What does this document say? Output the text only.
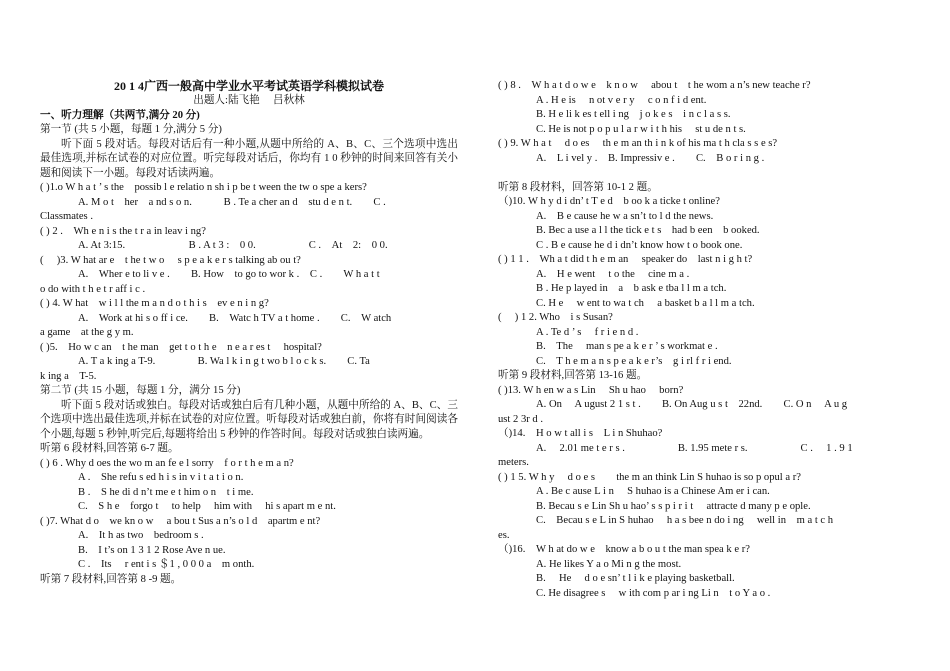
20 1 4广西一般高中学业水平考试英语学科模拟试卷
出题人:陆飞艳　 吕秋林
一、听力理解（共两节,满分 20 分)
第一节 (共 5 小题，每题 1 分,满分 5 分)
听下面 5 段对话。每段对话后有一种小题,从题中所给的 A、B、C、三个选项中选出最佳选项,并标在试卷的对应位置。听完每段对话后，你均有 1 0 秒钟的时间来回答有关小题和阅读下一小题。每段对话读两遍。
( )1.o W h a t ’ s the　possib l e relatio n sh i p be t ween the tw o spe a kers?
A. M o t　her　a nd s o n.　　　B . Te a cher an d　stu d e n t.　　C .
Classmates .
( ) 2 .　Wh e n i s the t r a in leav i ng?
A. At 3:15.　　　　　　B . A t 3 :　0 0.　　　　　C .　At　2:　0 0.
(　 )3. W hat ar e　t he t w o　 s p e a k e r s talking ab ou t?
A.　Wher e to li v e .　　B. How　to go to wor k .　C .　　W h a t t
o do with t h e t r aff i c .
( ) 4. W hat　w i l l the m a n d o t h i s　ev e n i n g?
A.　Work at hi s o ff i ce.　　B.　Watc h TV a t home .　　C.　W atch
a game　at the g y m.
( )5.　Ho w c an　t he man　get t o t h e　n e a r es t　 hospital?
A. T a k ing a T-9.　　　　B. Wa l k i n g t wo b l o c k s.　　C. Ta
k ing a　T-5.
第二节 (共 15 小题，每题 1 分，满分 15 分)
听下面 5 段对话或独白。每段对话或独白后有几种小题，从题中所给的 A、B、C、三个选项中选出最佳选项,并标在试卷的对应位置。听每段对话或独白前，你将有时间阅读各个小题,每题 5 秒钟,听完后,每题将给出 5 秒钟的作答时间。每段对话或独白读两遍。
听第 6 段材料,回答第 6-7 题。
( ) 6 . Why d oes the wo m an fe e l sorry　f o r t h e m a n?
A .　She refu s ed h i s in v i t a t i o n.
B .　S he di d n’t me e t him o n　t i me.
C.　S h e　forgo t　 to help　 him with　 hi s apart m e nt.
( )7. What d o　we kn o w　 a bou t Sus a n’s o l d　apartm e nt?
A.　It h as two　bedroom s .
B.　I t’s on 1 3 1 2 Rose Ave n ue.
C .　Its　 r ent i s ＄1 , 0 0 0 a　m onth.
听第 7 段材料,回答第 8 -9 题。
( ) 8 .　W h a t d o w e　k n o w　 abou t　t he wom a n’s new teache r?
A . H e is　 n ot v e r y　 c o n f i d ent.
B. H e li k es t ell i ng　j o k e s　i n c l a s s.
C. He is not p o p u l a r w i t h his　 st u de n t s.
( ) 9. W h a t　 d o es　 th e m an th i n k of his ma t h cla s s e s?
A.　L i vel y .　B. Impressiv e .　　C.　B o r i n g .

听第 8 段材料，回答第 10-1 2 题。
（)10. W h y d i dn’ t T e d　b oo k a ticke t online?
A.　B e cause he w a sn’t to l d the news.
B. Bec a use a l l the tick e t s　had b een　b ooked.
C . B e cause he d i dn’t know how t o book one.
( ) 1 1 .　Wh a t did t h e m an　 speaker do　last n i g h t?
A.　H e went　 t o the　 cine m a .
B . He p layed in　a　b ask e tba l l m a tch.
C. H e　 w ent to wa t ch　 a basket b a l l m a tch.
(　 ) 1 2. Who　i s Susan?
A . Te d ’ s　 f r i e n d .
B.　The　 man s pe a k e r ’ s workmat e .
C.　T h e m a n s p e a k e r’s　g i rl f r i end.
听第 9 段材料,回答第 13-16 题。
( )13. W h en w a s Lin　 Sh u hao　 born?
A. On　 A ugust 2 1 s t .　　B. On Aug u s t　22nd.　　C. O n　 A u g
ust 2 3r d .
（)14.　H o w t all i s　L i n Shuhao?
A.　 2.01 me t e r s .　　　　　B. 1.95 mete r s.　　　　　C .　 1 . 9 1
meters.
( ) 1 5. W h y　 d o e s　　the m an think Lin S huhao is so p opul a r?
A . Be c ause L i n　 S huhao is a Chinese Am er i can.
B. Becau s e Lin Sh u hao’ s s p i r i t　 attracte d many p e ople.
C.　Becau s e L in S huhao　 h a s bee n do i ng　 well in　m a t c h
es.
（)16.　W h at do w e　know a b o u t the man spea k e r?
A. He likes Y a o Mi n g the most.
B.　 He　 d o e sn’ t l i k e playing basketball.
C. He disagree s　 w ith com p ar i ng Li n　t o Y a o .
